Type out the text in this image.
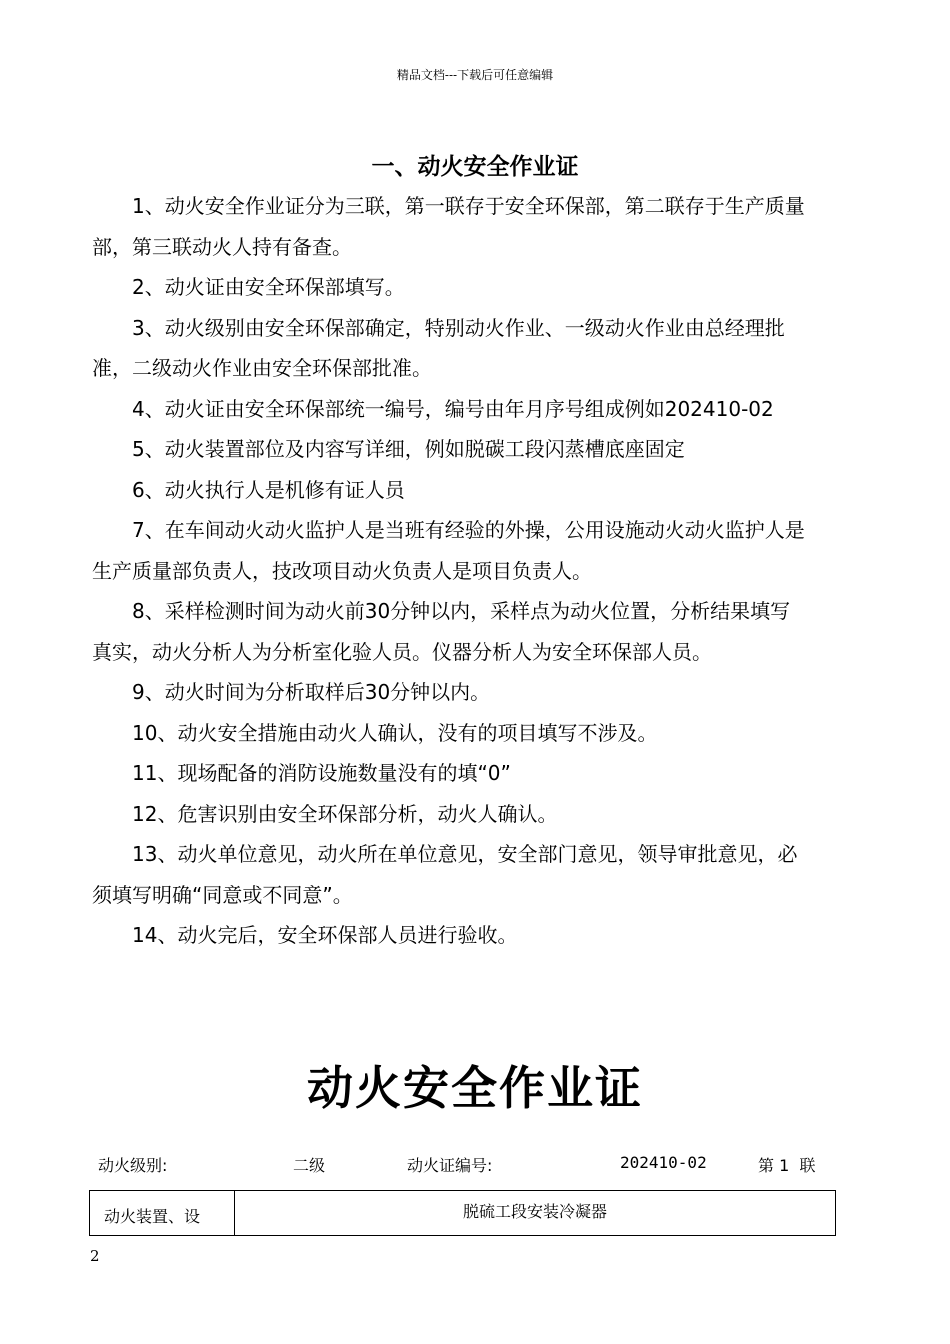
精品文档---下载后可任意编辑
一、动火安全作业证
1、动火安全作业证分为三联，第一联存于安全环保部，第二联存于生产质量部，第三联动火人持有备查。
2、动火证由安全环保部填写。
3、动火级别由安全环保部确定，特别动火作业、一级动火作业由总经理批准，二级动火作业由安全环保部批准。
4、动火证由安全环保部统一编号，编号由年月序号组成例如202410-02
5、动火装置部位及内容写详细，例如脱碳工段闪蒸槽底座固定
6、动火执行人是机修有证人员
7、在车间动火动火监护人是当班有经验的外操，公用设施动火动火监护人是生产质量部负责人，技改项目动火负责人是项目负责人。
8、采样检测时间为动火前30分钟以内，采样点为动火位置，分析结果填写真实，动火分析人为分析室化验人员。仪器分析人为安全环保部人员。
9、动火时间为分析取样后30分钟以内。
10、动火安全措施由动火人确认，没有的项目填写不涉及。
11、现场配备的消防设施数量没有的填“0”
12、危害识别由安全环保部分析，动火人确认。
13、动火单位意见，动火所在单位意见，安全部门意见，领导审批意见，必须填写明确“同意或不同意”。
14、动火完后，安全环保部人员进行验收。
动火安全作业证
动火级别:	二级	动火证编号:	202410-02	第 1  联
动火装置、设	脱硫工段安装冷凝器
2
